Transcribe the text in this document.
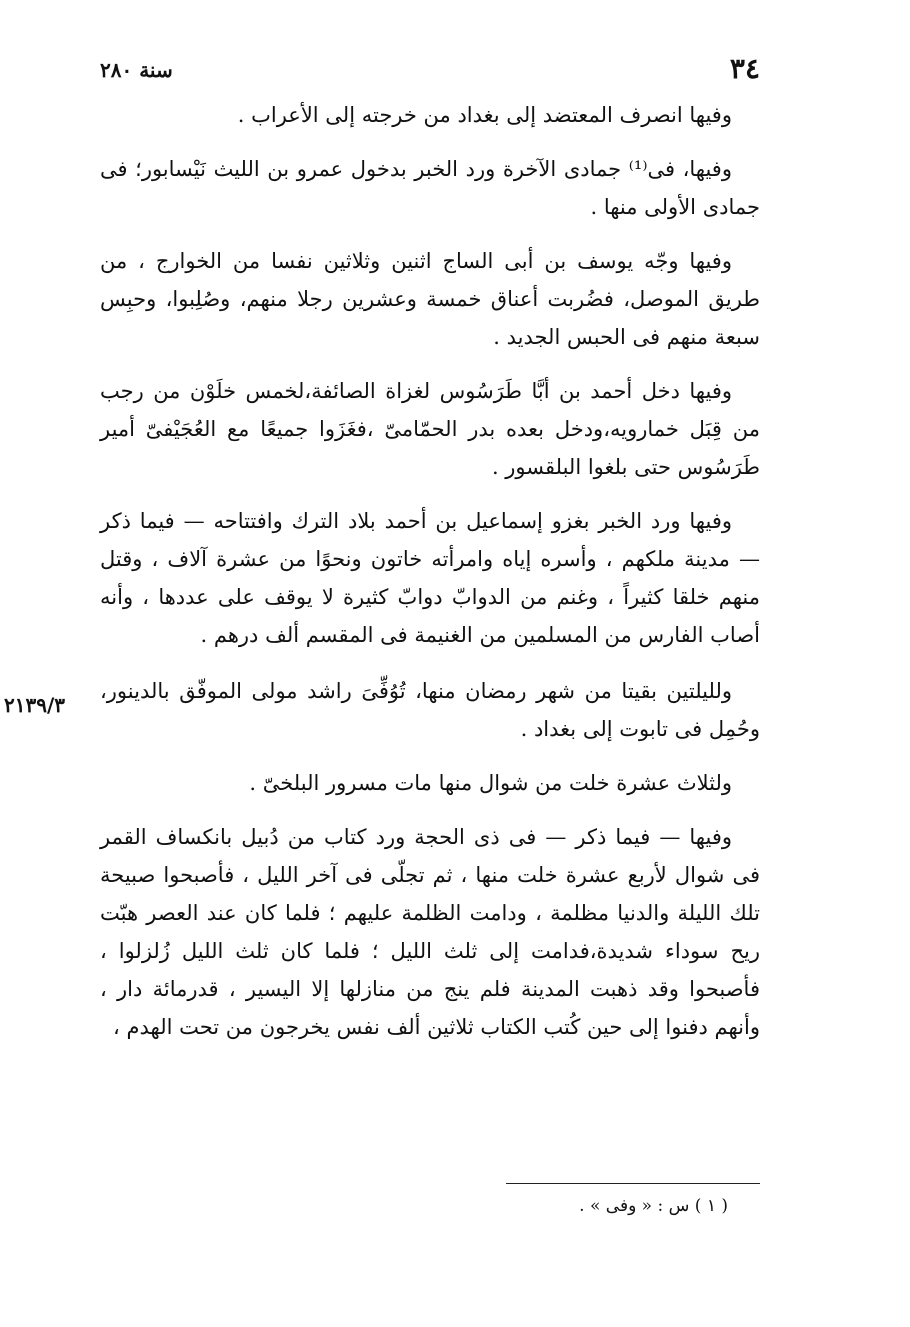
٣٤
سنة ٢٨٠

وفيها انصرف المعتضد إلى بغداد من خرجته إلى الأعراب .

وفيها، فى⁽¹⁾ جمادى الآخرة ورد الخبر بدخول عمرو بن الليث نَيْسابور؛ فى جمادى الأولى منها .

وفيها وجّه يوسف بن أبى الساج اثنين وثلاثين نفسا من الخوارج ، من طريق الموصل، فضُربت أعناق خمسة وعشرين رجلا منهم، وصُلِبوا، وحبِس سبعة منهم فى الحبس الجديد .

وفيها دخل أحمد بن أبَّا طَرَسُوس لغزاة الصائفة،لخمس خلَوْن من رجب من قِبَل خمارويه،ودخل بعده بدر الحمّامىّ ،فغَزَوا جميعًا مع العُجَيْفىّ أمير طَرَسُوس حتى بلغوا البلقسور .

وفيها ورد الخبر بغزو إسماعيل بن أحمد بلاد الترك وافتتاحه — فيما ذكر — مدينة ملكهم ، وأسره إياه وامرأته خاتون ونحوًا من عشرة آلاف ، وقتل منهم خلقا كثيراً ، وغنم من الدوابّ دوابّ كثيرة لا يوقف على عددها ، وأنه أصاب الفارس من المسلمين من الغنيمة فى المقسم ألف درهم .

٢١٣٩/٣

ولليلتين بقيتا من شهر رمضان منها، تُوُفِّىَ راشد مولى الموفّق بالدينور، وحُمِل فى تابوت إلى بغداد .

ولثلاث عشرة خلت من شوال منها مات مسرور البلخىّ .

وفيها — فيما ذكر — فى ذى الحجة ورد كتاب من دُبيل بانكساف القمر فى شوال لأربع عشرة خلت منها ، ثم تجلّى فى آخر الليل ، فأصبحوا صبيحة تلك الليلة والدنيا مظلمة ، ودامت الظلمة عليهم ؛ فلما كان عند العصر هبّت ريح سوداء شديدة،فدامت إلى ثلث الليل ؛ فلما كان ثلث الليل زُلزلوا ، فأصبحوا وقد ذهبت المدينة فلم ينج من منازلها إلا اليسير ، قدرمائة دار ، وأنهم دفنوا إلى حين كُتب الكتاب ثلاثين ألف نفس يخرجون من تحت الهدم ،

( ١ ) س : « وفى » .
